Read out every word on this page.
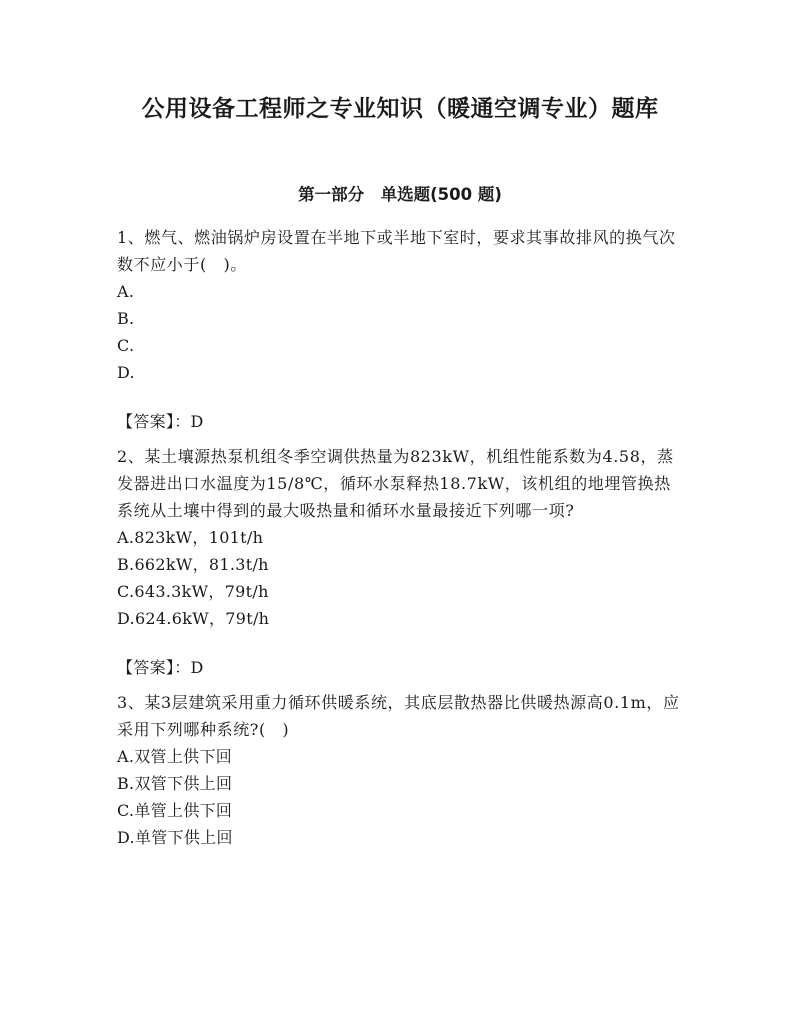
公用设备工程师之专业知识（暖通空调专业）题库
第一部分　单选题(500 题)

1、燃气、燃油锅炉房设置在半地下或半地下室时，要求其事故排风的换气次数不应小于(　)。

A.
B.
C.
D.
【答案】：D

2、某土壤源热泵机组冬季空调供热量为823kW，机组性能系数为4.58，蒸发器进出口水温度为15/8℃，循环水泵释热18.7kW，该机组的地埋管换热系统从土壤中得到的最大吸热量和循环水量最接近下列哪一项?

A.823kW，101t/h
B.662kW，81.3t/h
C.643.3kW，79t/h
D.624.6kW，79t/h
【答案】：D

3、某3层建筑采用重力循环供暖系统，其底层散热器比供暖热源高0.1m，应采用下列哪种系统?(　)

A.双管上供下回
B.双管下供上回
C.单管上供下回
D.单管下供上回
